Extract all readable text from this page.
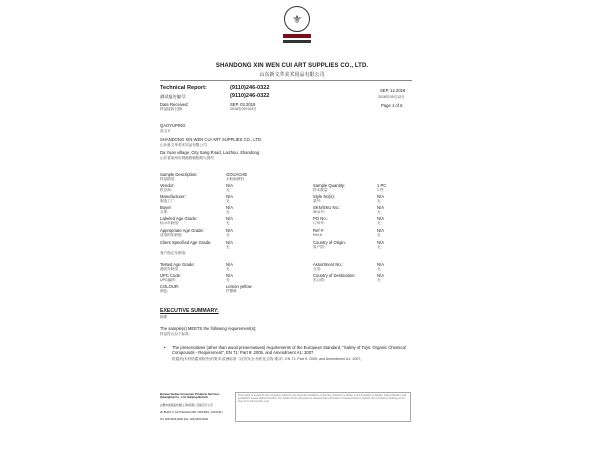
⚜
SHANDONG XIN WEN CUI ART SUPPLIES CO., LTD.
山东新文萃美术用品有限公司
Technical Report:
测试报告编号:
(9110)246-0322
(9110)246-0322
Date Received:
样品接收日期:
SEP. 03.2018
2018年09月03日
SEP. 12.2018
2018年09月12日
Page 1 of 6
QAOYUPING
高玉平
SHANDONG XIN WEN CUI ART SUPPLIES CO., LTD.
山东新文萃美术用品有限公司
Da Yuan village, City Sang Road, Laizhou, Shandong
山东省莱州市城港路朝阳路大园村
Sample Description:
样品描述:
GOUACHE
水粉画颜料
Vendor:
供应商:
N/A
无
Manufacturer:
制造工厂:
N/A
无
Buyer:
买家:
N/A
无
Labeled Age Grade:
标示年龄组:
N/A
无
Appropriate Age Grade:
适用的年龄组:
N/A
无
Client Specified Age Grade:
客户指定年龄组:
N/A
无
Tested Age Grade:
测试年龄组:
N/A
无
UPC Code:
UPC编码:
N/A
无
COLOUR:
颜色:
Lemon yellow
柠檬黄
Sample Quantity:
样本数量:
1 PC
1 件
Style No(s):
款号:
N/A
无
SKN/SKU No.:
SKU号:
N/A
无
PO No.:
订单号:
N/A
无
Ref #:
Ref #:
N/A
无
Country of Origin:
原产国:
N/A
无
Assortment No.:
分类:
N/A
无
Country of Destination:
出口国:
N/A
无
EXECUTIVE SUMMARY:
摘要
The sample(s) MEETS the following requirement(s):
样品符合以下标准:
• The preservatives (other than wood preservatives) requirements of the European Standard, "Safety of Toys: Organic Chemical Compounds - Requirement", EN 71: Part 9: 2005, and Amendment A1: 2007.
防腐剂(木材防腐剂除外)的要求,欧洲标准《玩具安全:有机化合物-要求》EN 71: Part 9: 2005, and Amendment A1: 2007。
Bureau Veritas Consumer Products Services (Shanghai) Co., Ltd. Nanjing Branch
必维申美商品检测(上海)有限公司南京分公司
2F BLDG 3, No.8 SHIHUA RD. NANJING, JIANGSU
Tel: 025-0000-0000 Fax: 025-0000-0000
This report is issued by the Company subject to its General Conditions of Service. Attention is drawn to the limitation of liability, indemnification and jurisdiction issues defined therein. Any holder of this document is advised that information contained hereon reflects the Company's findings at the time of its intervention only.
